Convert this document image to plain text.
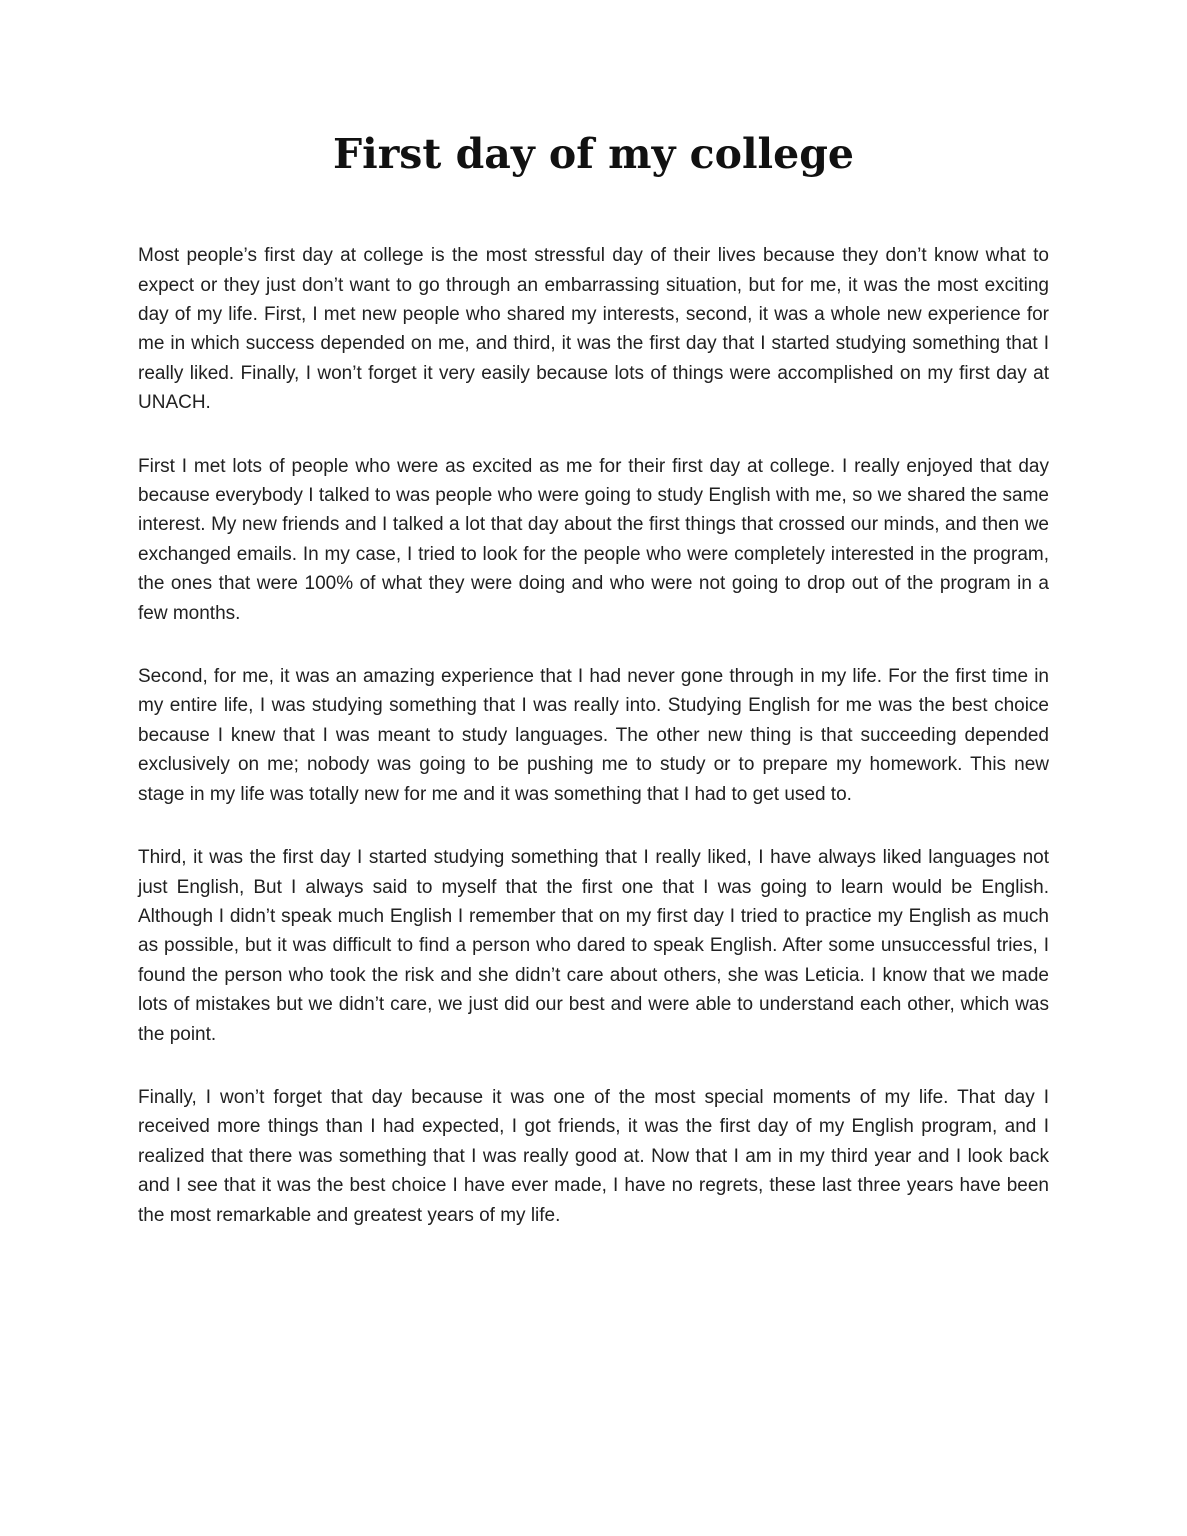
First day of my college

Most people’s first day at college is the most stressful day of their lives because they don’t know what to expect or they just don’t want to go through an embarrassing situation, but for me, it was the most exciting day of my life. First, I met new people who shared my interests, second, it was a whole new experience for me in which success depended on me, and third, it was the first day that I started studying something that I really liked. Finally, I won’t forget it very easily because lots of things were accomplished on my first day at UNACH.

First I met lots of people who were as excited as me for their first day at college. I really enjoyed that day because everybody I talked to was people who were going to study English with me, so we shared the same interest. My new friends and I talked a lot that day about the first things that crossed our minds, and then we exchanged emails. In my case, I tried to look for the people who were completely interested in the program, the ones that were 100% of what they were doing and who were not going to drop out of the program in a few months.

Second, for me, it was an amazing experience that I had never gone through in my life. For the first time in my entire life, I was studying something that I was really into. Studying English for me was the best choice because I knew that I was meant to study languages. The other new thing is that succeeding depended exclusively on me; nobody was going to be pushing me to study or to prepare my homework. This new stage in my life was totally new for me and it was something that I had to get used to.

Third, it was the first day I started studying something that I really liked, I have always liked languages not just English, But I always said to myself that the first one that I was going to learn would be English. Although I didn’t speak much English I remember that on my first day I tried to practice my English as much as possible, but it was difficult to find a person who dared to speak English. After some unsuccessful tries, I found the person who took the risk and she didn’t care about others, she was Leticia. I know that we made lots of mistakes but we didn’t care, we just did our best and were able to understand each other, which was the point.

Finally, I won’t forget that day because it was one of the most special moments of my life. That day I received more things than I had expected, I got friends, it was the first day of my English program, and I realized that there was something that I was really good at. Now that I am in my third year and I look back and I see that it was the best choice I have ever made, I have no regrets, these last three years have been the most remarkable and greatest years of my life.
